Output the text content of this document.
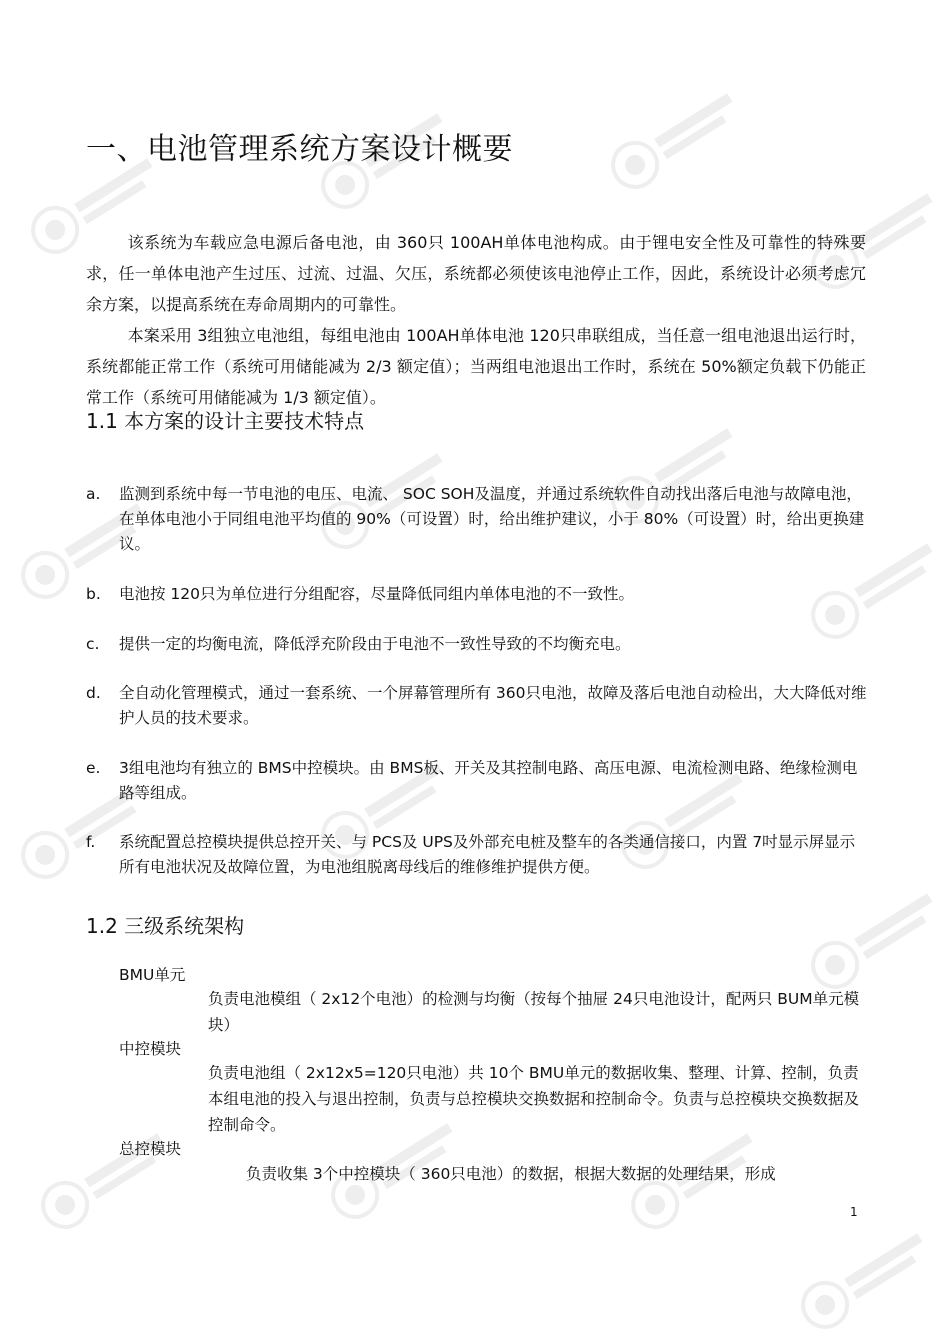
一、电池管理系统方案设计概要

该系统为车载应急电源后备电池，由 360只 100AH单体电池构成。由于锂电安全性及可靠性的特殊要求，任一单体电池产生过压、过流、过温、欠压，系统都必须使该电池停止工作，因此，系统设计必须考虑冗余方案，以提高系统在寿命周期内的可靠性。

本案采用 3组独立电池组，每组电池由 100AH单体电池 120只串联组成，当任意一组电池退出运行时，系统都能正常工作（系统可用储能减为 2/3 额定值）；当两组电池退出工作时，系统在 50%额定负载下仍能正常工作（系统可用储能减为 1/3 额定值）。

1.1 本方案的设计主要技术特点
a.	监测到系统中每一节电池的电压、电流、 SOC SOH及温度，并通过系统软件自动找出落后电池与故障电池，在单体电池小于同组电池平均值的 90%（可设置）时，给出维护建议，小于 80%（可设置）时，给出更换建议。
b.	电池按 120只为单位进行分组配容，尽量降低同组内单体电池的不一致性。
c.	提供一定的均衡电流，降低浮充阶段由于电池不一致性导致的不均衡充电。
d.	全自动化管理模式，通过一套系统、一个屏幕管理所有 360只电池，故障及落后电池自动检出，大大降低对维护人员的技术要求。
e.	3组电池均有独立的 BMS中控模块。由 BMS板、开关及其控制电路、高压电源、电流检测电路、绝缘检测电路等组成。
f.	系统配置总控模块提供总控开关、与 PCS及 UPS及外部充电桩及整车的各类通信接口，内置 7吋显示屏显示所有电池状况及故障位置，为电池组脱离母线后的维修维护提供方便。
1.2 三级系统架构

BMU单元

负责电池模组（ 2x12个电池）的检测与均衡（按每个抽屉 24只电池设计，配两只 BUM单元模块）

中控模块

负责电池组（ 2x12x5=120只电池）共 10个 BMU单元的数据收集、整理、计算、控制，负责本组电池的投入与退出控制，负责与总控模块交换数据和控制命令。负责与总控模块交换数据及控制命令。

总控模块

负责收集 3个中控模块（ 360只电池）的数据，根据大数据的处理结果，形成

1
